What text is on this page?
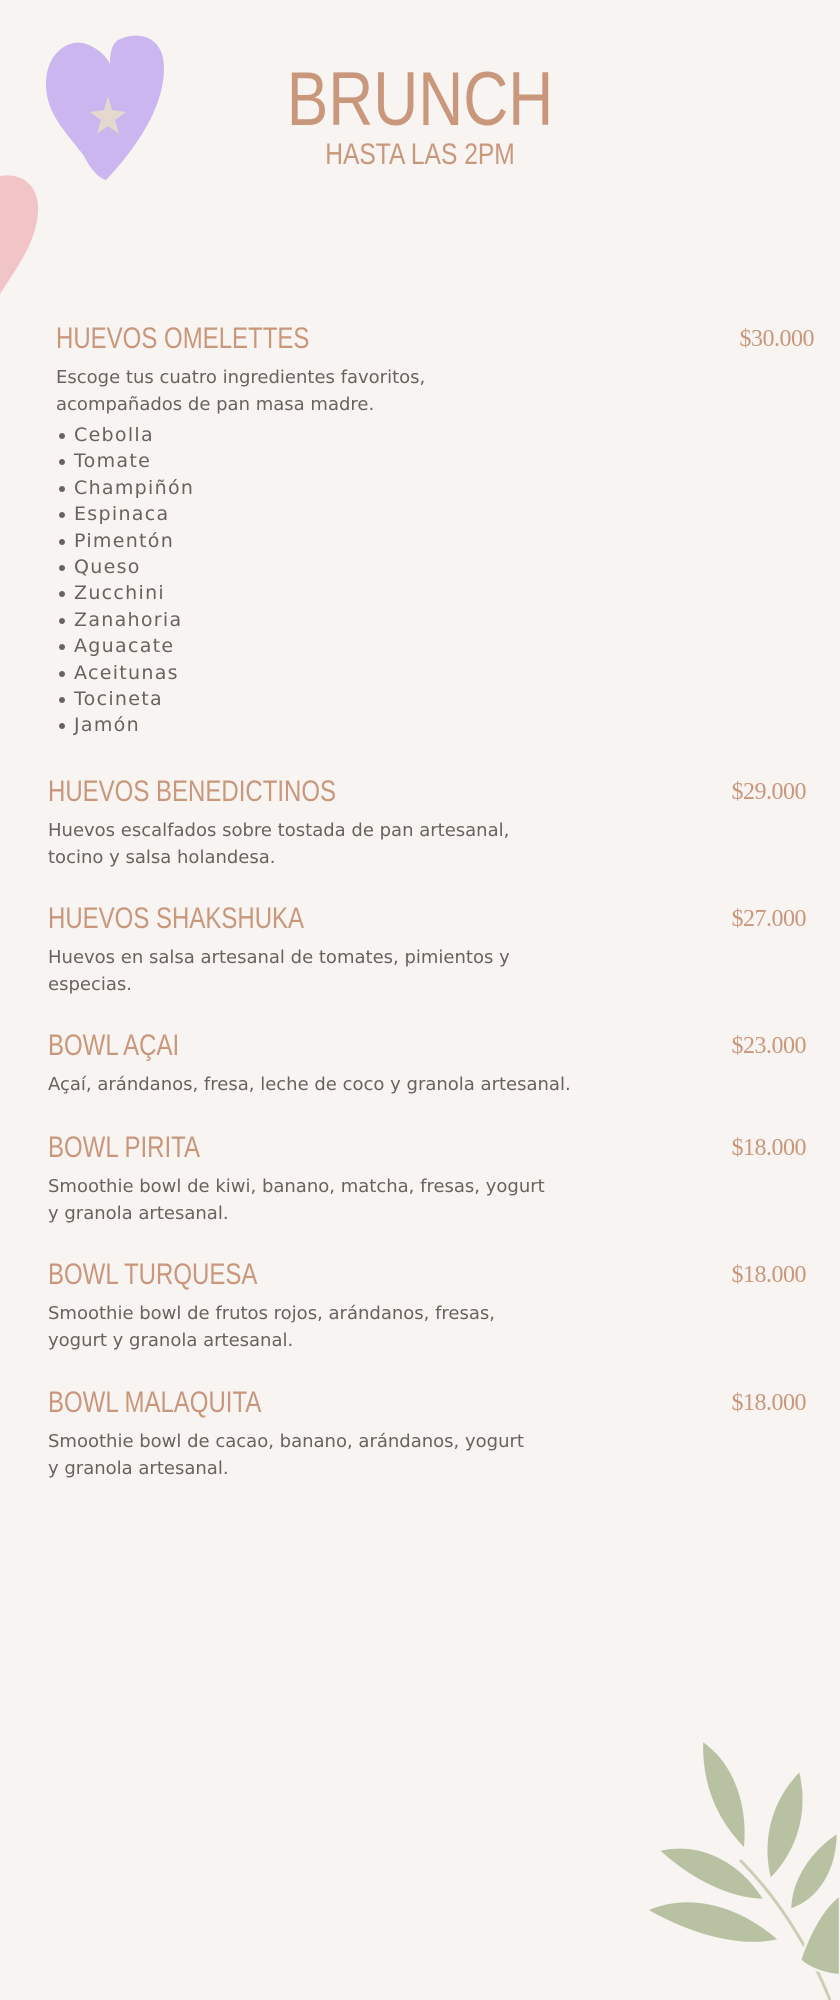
BRUNCH
HASTA LAS 2PM
HUEVOS OMELETTES	$30.000
Escoge tus cuatro ingredientes favoritos,
acompañados de pan masa madre.
Cebolla
Tomate
Champiñón
Espinaca
Pimentón
Queso
Zucchini
Zanahoria
Aguacate
Aceitunas
Tocineta
Jamón
HUEVOS BENEDICTINOS	$29.000
Huevos escalfados sobre tostada de pan artesanal,
tocino y salsa holandesa.
HUEVOS SHAKSHUKA	$27.000
Huevos en salsa artesanal de tomates, pimientos y
especias.
BOWL AÇAI	$23.000
Açaí, arándanos, fresa, leche de coco y granola artesanal.
BOWL PIRITA	$18.000
Smoothie bowl de kiwi, banano, matcha, fresas, yogurt
y granola artesanal.
BOWL TURQUESA	$18.000
Smoothie bowl de frutos rojos, arándanos, fresas,
yogurt y granola artesanal.
BOWL MALAQUITA	$18.000
Smoothie bowl de cacao, banano, arándanos, yogurt
y granola artesanal.
